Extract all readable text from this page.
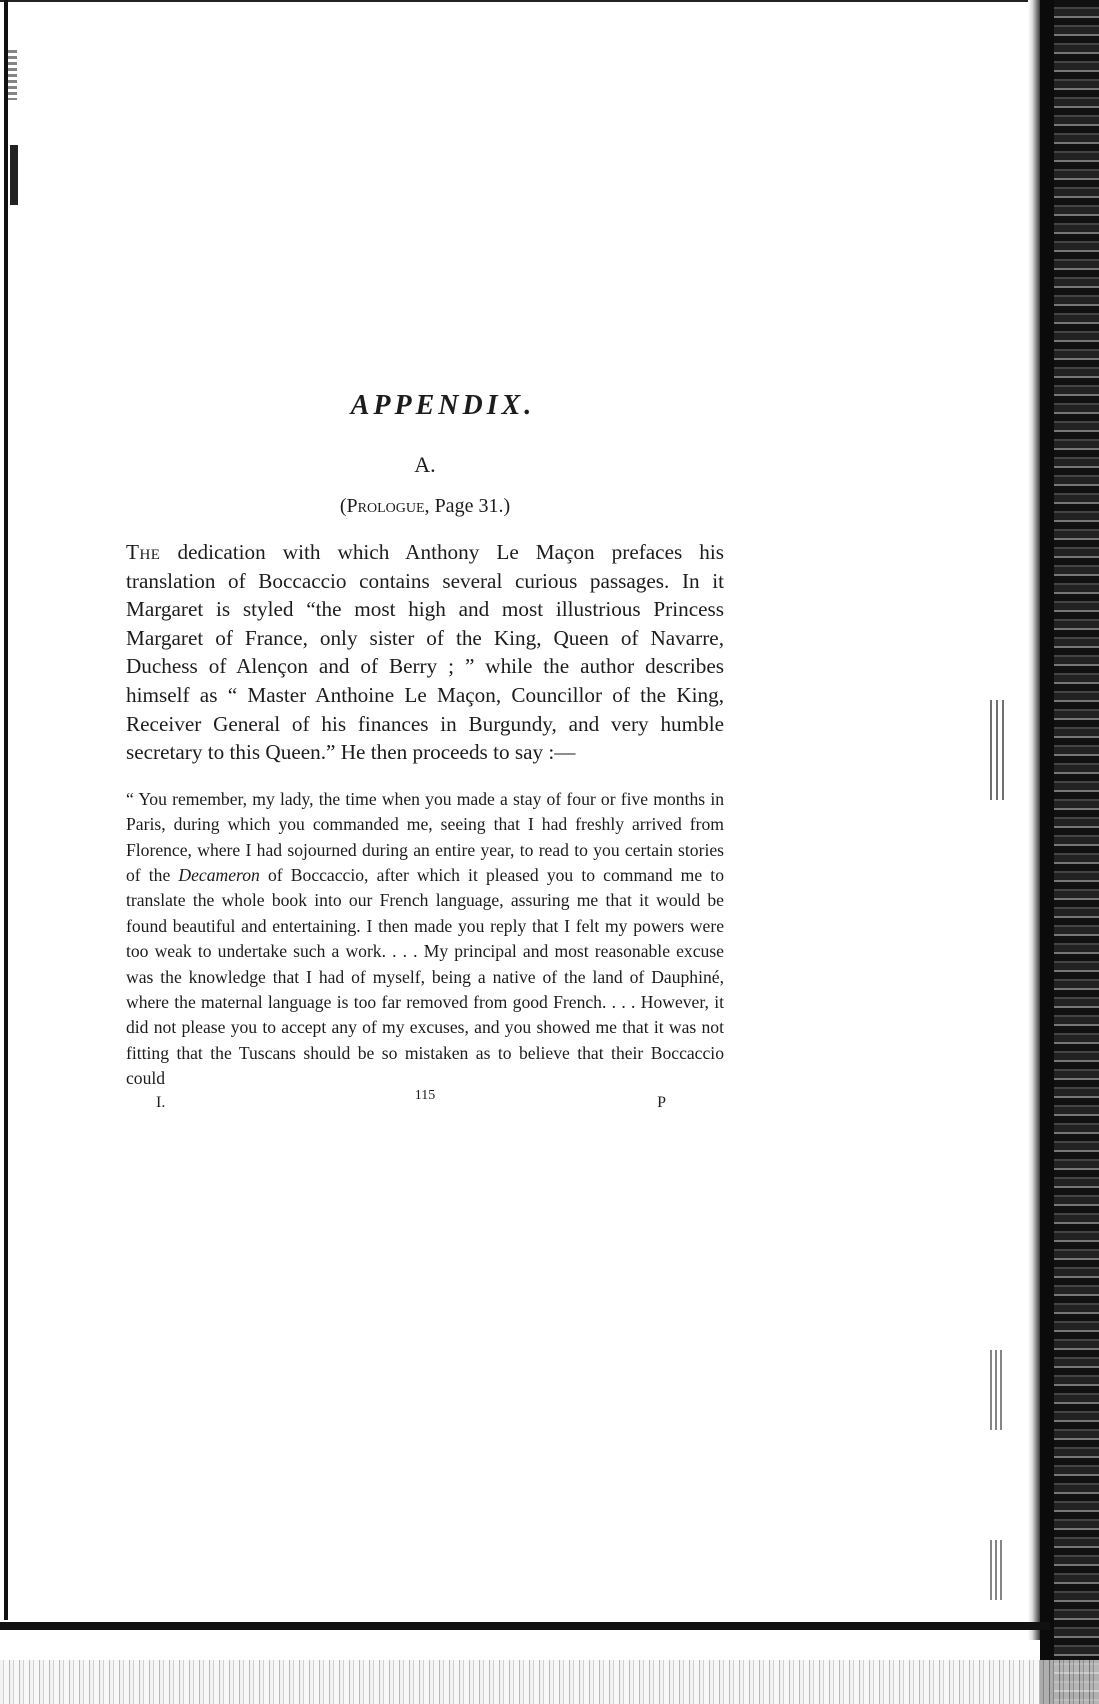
APPENDIX.
A.
(Prologue, Page 31.)

The dedication with which Anthony Le Maçon prefaces his translation of Boccaccio contains several curious passages. In it Margaret is styled “the most high and most illustrious Princess Margaret of France, only sister of the King, Queen of Navarre, Duchess of Alençon and of Berry ; ” while the author describes himself as “ Master Anthoine Le Maçon, Councillor of the King, Receiver General of his finances in Burgundy, and very humble secretary to this Queen.” He then proceeds to say :—

“ You remember, my lady, the time when you made a stay of four or five months in Paris, during which you commanded me, seeing that I had freshly arrived from Florence, where I had sojourned during an entire year, to read to you certain stories of the Decameron of Boccaccio, after which it pleased you to command me to translate the whole book into our French language, assuring me that it would be found beautiful and entertaining. I then made you reply that I felt my powers were too weak to undertake such a work. . . . My principal and most reasonable excuse was the knowledge that I had of myself, being a native of the land of Dauphiné, where the maternal language is too far removed from good French. . . . However, it did not please you to accept any of my excuses, and you showed me that it was not fitting that the Tuscans should be so mistaken as to believe that their Boccaccio could

I.	115	P
